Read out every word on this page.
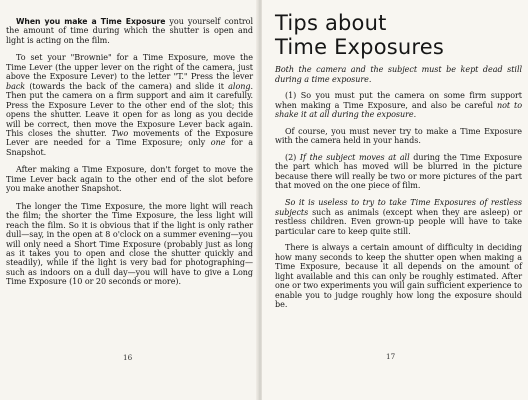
When you make a Time Exposure you yourself control the amount of time during which the shutter is open and light is acting on the film.

To set your "Brownie" for a Time Exposure, move the Time Lever (the upper lever on the right of the camera, just above the Exposure Lever) to the letter "T." Press the lever back (towards the back of the camera) and slide it along. Then put the camera on a firm support and aim it carefully. Press the Exposure Lever to the other end of the slot; this opens the shutter. Leave it open for as long as you decide will be correct, then move the Exposure Lever back again. This closes the shutter. Two movements of the Exposure Lever are needed for a Time Exposure; only one for a Snapshot.

After making a Time Exposure, don't forget to move the Time Lever back again to the other end of the slot before you make another Snapshot.

The longer the Time Exposure, the more light will reach the film; the shorter the Time Exposure, the less light will reach the film. So it is obvious that if the light is only rather dull—say, in the open at 8 o'clock on a summer evening—you will only need a Short Time Exposure (probably just as long as it takes you to open and close the shutter quickly and steadily), while if the light is very bad for photographing—such as indoors on a dull day—you will have to give a Long Time Exposure (10 or 20 seconds or more).

16
Tips about
Time Exposures

Both the camera and the subject must be kept dead still during a time exposure.

(1) So you must put the camera on some firm support when making a Time Exposure, and also be careful not to shake it at all during the exposure.

Of course, you must never try to make a Time Exposure with the camera held in your hands.

(2) If the subject moves at all during the Time Exposure the part which has moved will be blurred in the picture because there will really be two or more pictures of the part that moved on the one piece of film.

So it is useless to try to take Time Exposures of restless subjects such as animals (except when they are asleep) or restless children. Even grown-up people will have to take particular care to keep quite still.

There is always a certain amount of difficulty in deciding how many seconds to keep the shutter open when making a Time Exposure, because it all depends on the amount of light available and this can only be roughly estimated. After one or two experiments you will gain sufficient experience to enable you to judge roughly how long the exposure should be.

17
